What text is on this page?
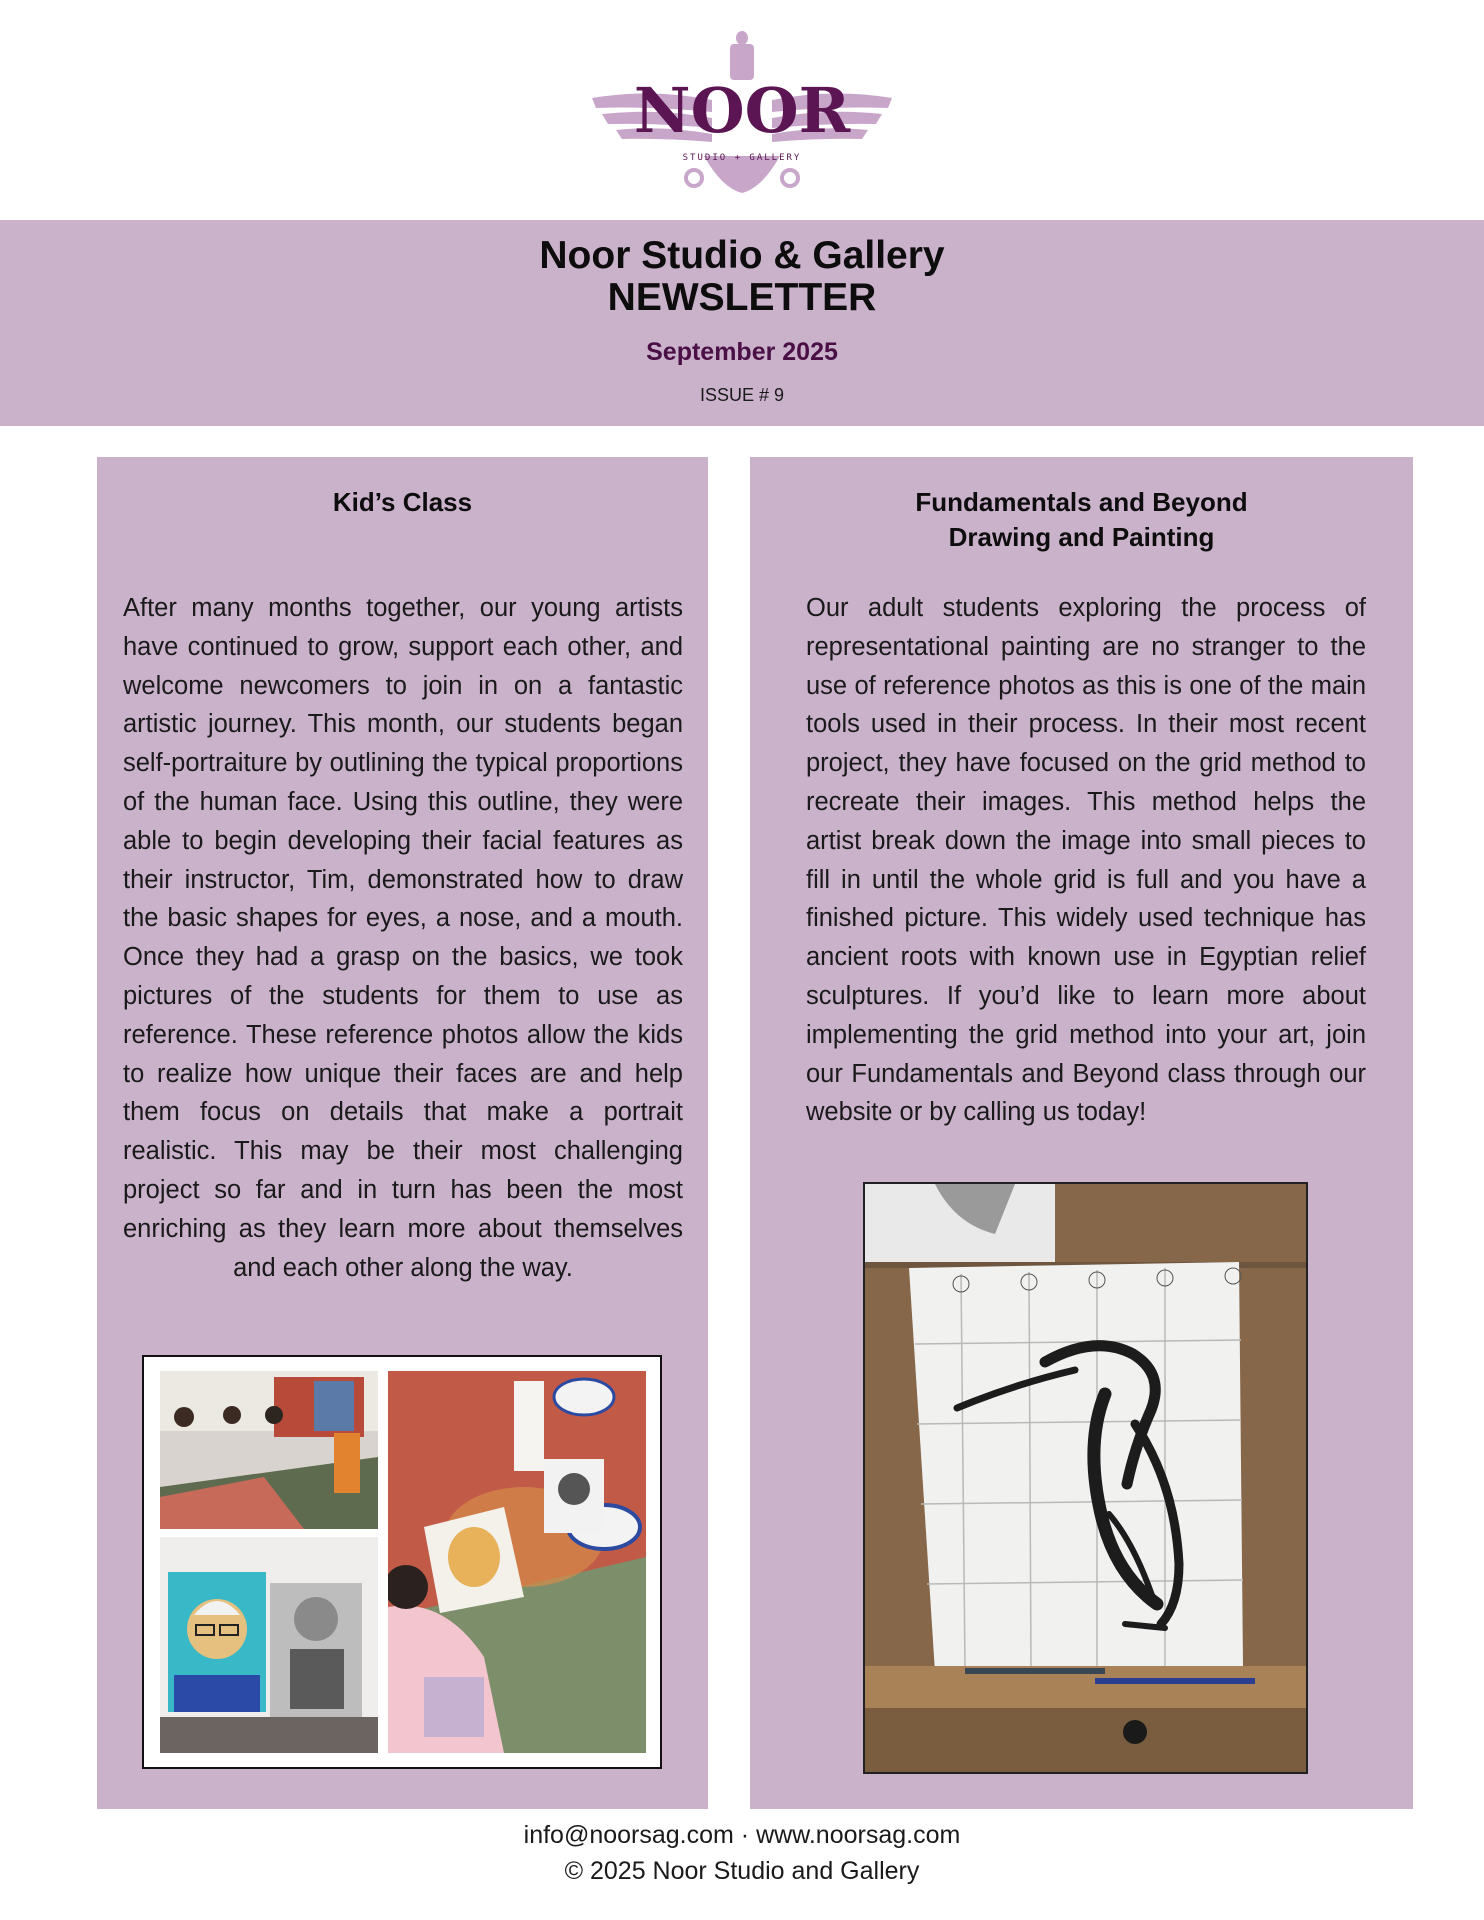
NOOR
STUDIO + GALLERY
Noor Studio & Gallery
NEWSLETTER
September 2025
ISSUE # 9
Kid’s Class
After many months together, our young artists have continued to grow, support each other, and welcome newcomers to join in on a fantastic artistic journey. This month, our students began self-portraiture by outlining the typical proportions of the human face. Using this outline, they were able to begin developing their facial features as their instructor, Tim, demonstrated how to draw the basic shapes for eyes, a nose, and a mouth. Once they had a grasp on the basics, we took pictures of the students for them to use as reference. These reference photos allow the kids to realize how unique their faces are and help them focus on details that make a portrait realistic. This may be their most challenging project so far and in turn has been the most enriching as they learn more about themselves and each other along the way.
Fundamentals and Beyond
Drawing and Painting
Our adult students exploring the process of representational painting are no stranger to the use of reference photos as this is one of the main tools used in their process. In their most recent project, they have focused on the grid method to recreate their images. This method helps the artist break down the image into small pieces to fill in until the whole grid is full and you have a finished picture. This widely used technique has ancient roots with known use in Egyptian relief sculptures. If you’d like to learn more about implementing the grid method into your art, join our Fundamentals and Beyond class through our website or by calling us today!
info@noorsag.com · www.noorsag.com
© 2025 Noor Studio and Gallery
